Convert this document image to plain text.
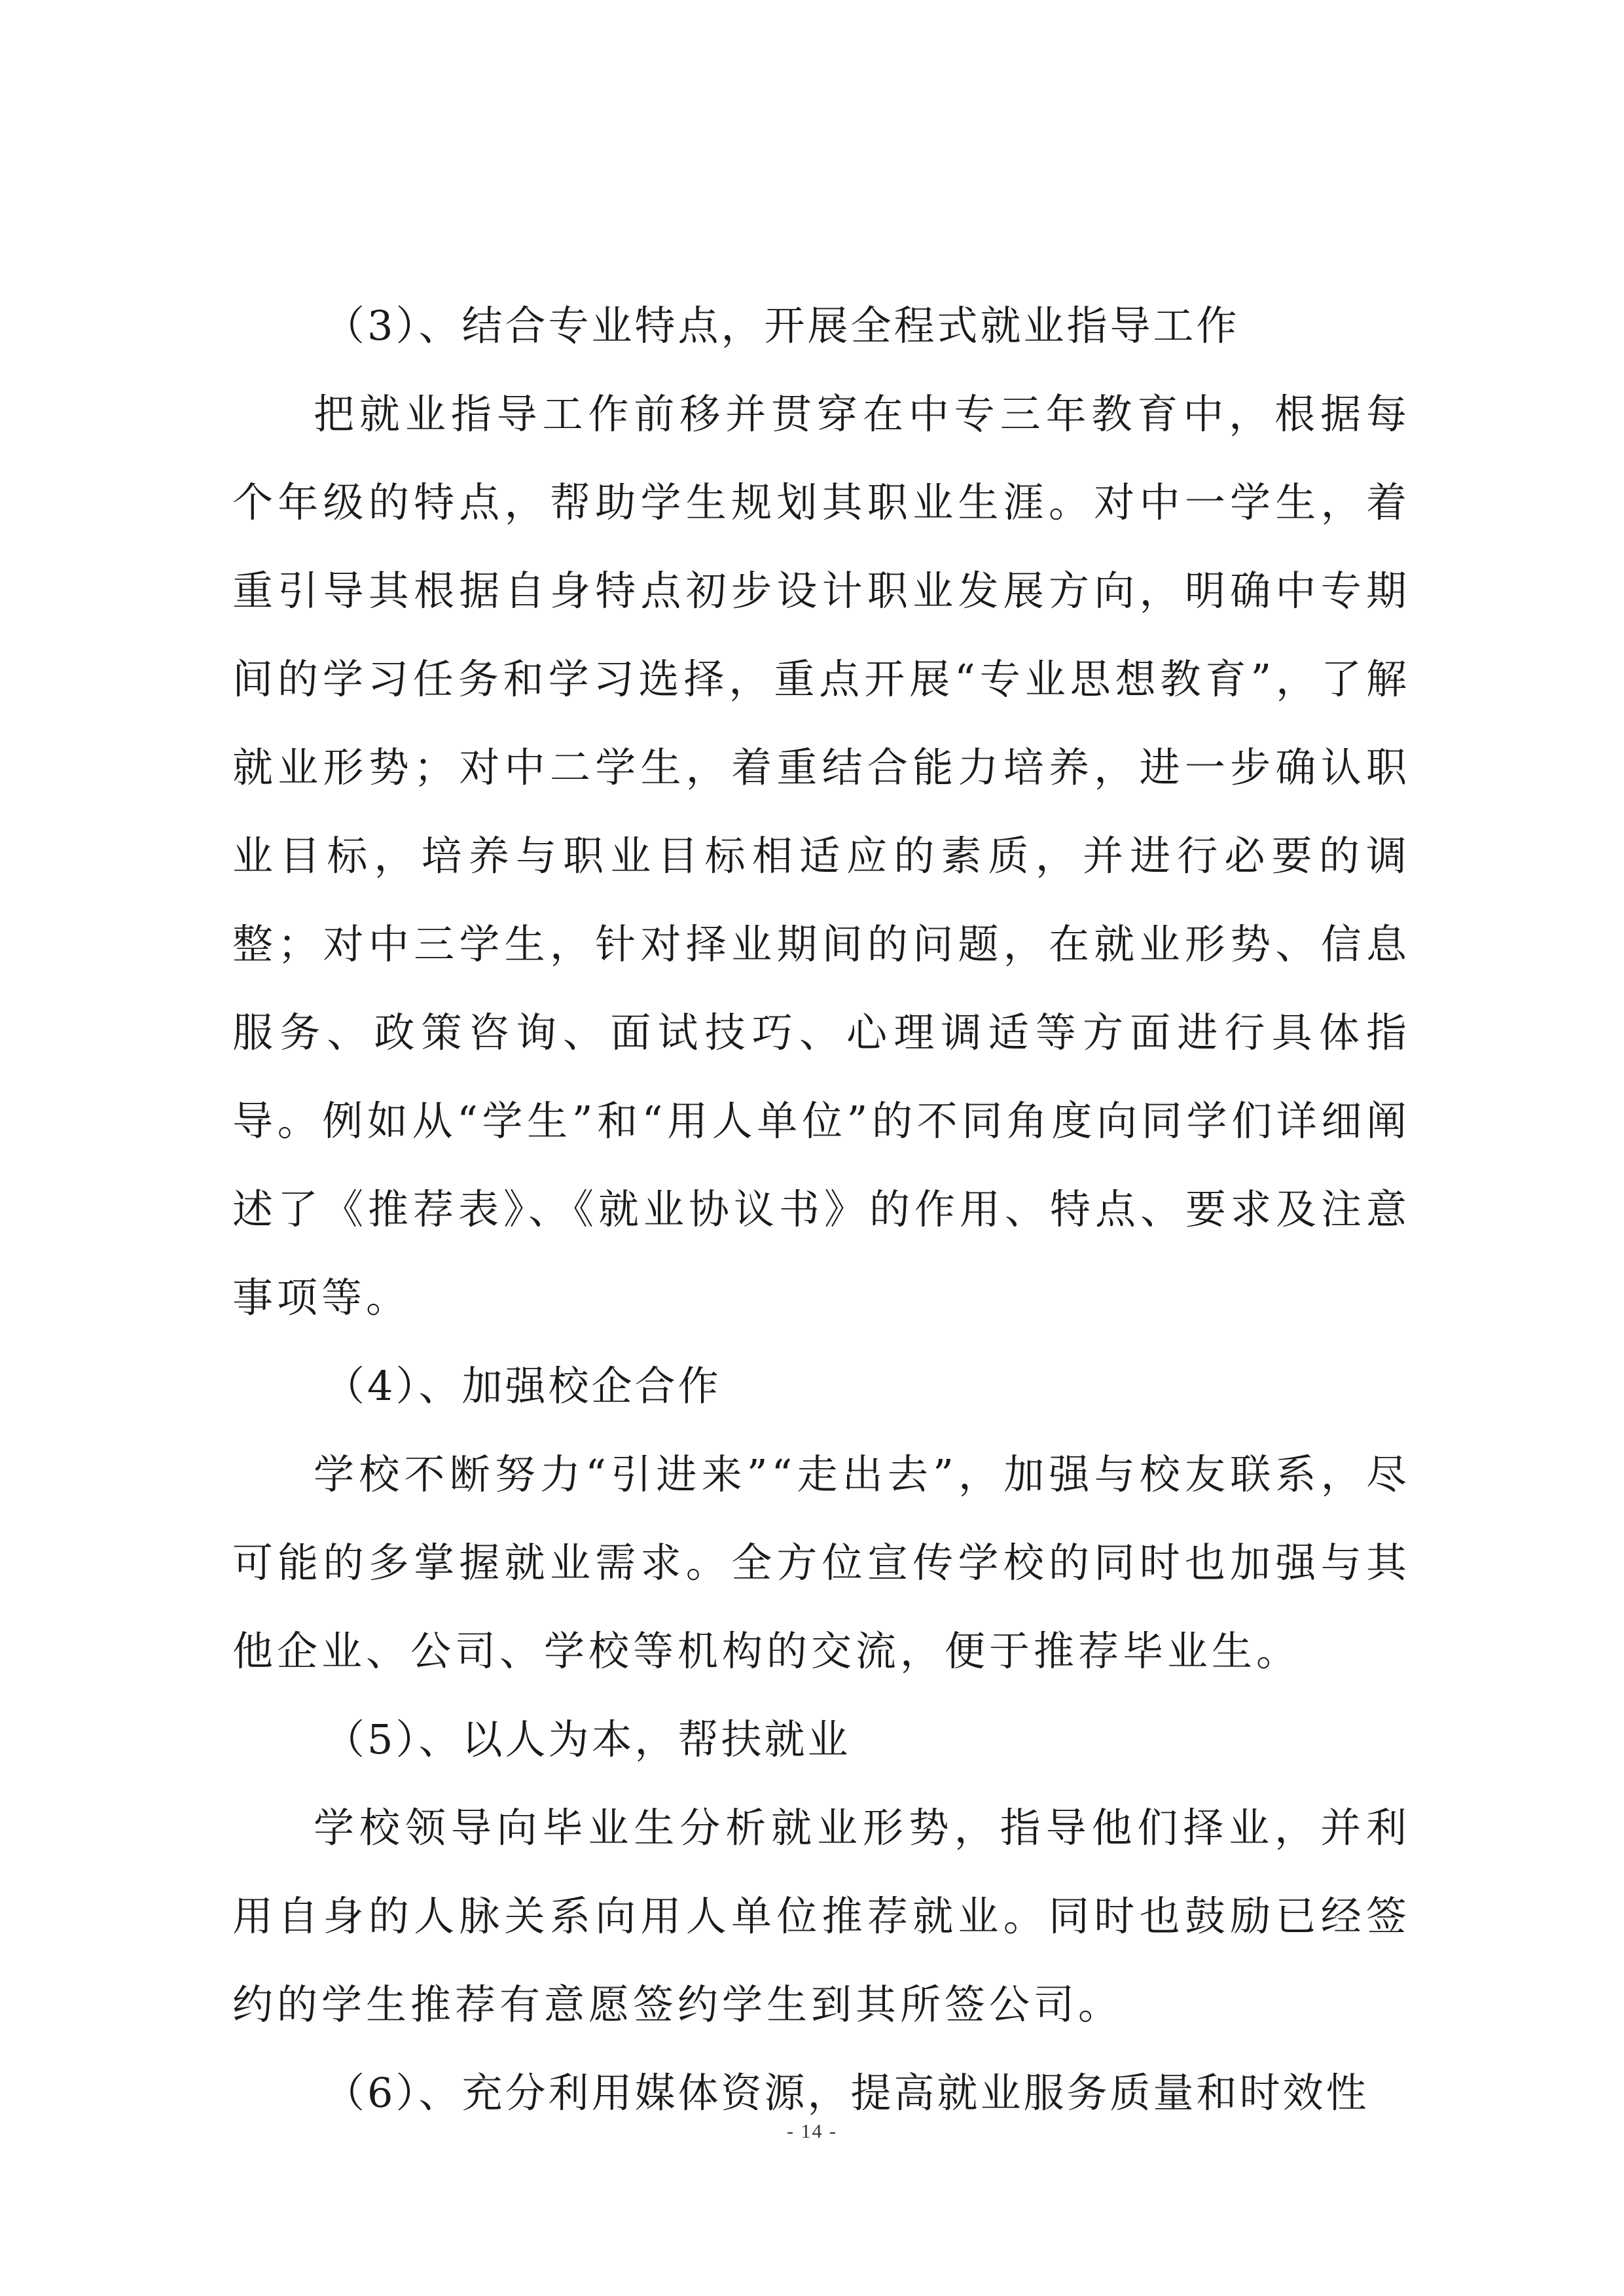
（3）、结合专业特点，开展全程式就业指导工作

把就业指导工作前移并贯穿在中专三年教育中，根据每个年级的特点，帮助学生规划其职业生涯。对中一学生，着重引导其根据自身特点初步设计职业发展方向，明确中专期间的学习任务和学习选择，重点开展“专业思想教育”，了解就业形势；对中二学生，着重结合能力培养，进一步确认职业目标，培养与职业目标相适应的素质，并进行必要的调整；对中三学生，针对择业期间的问题，在就业形势、信息服务、政策咨询、面试技巧、心理调适等方面进行具体指导。例如从“学生”和“用人单位”的不同角度向同学们详细阐述了《推荐表》、《就业协议书》的作用、特点、要求及注意事项等。

（4）、加强校企合作

学校不断努力“引进来”“走出去”，加强与校友联系，尽可能的多掌握就业需求。全方位宣传学校的同时也加强与其他企业、公司、学校等机构的交流，便于推荐毕业生。

（5）、以人为本，帮扶就业

学校领导向毕业生分析就业形势，指导他们择业，并利用自身的人脉关系向用人单位推荐就业。同时也鼓励已经签约的学生推荐有意愿签约学生到其所签公司。

（6）、充分利用媒体资源，提高就业服务质量和时效性

- 14 -
